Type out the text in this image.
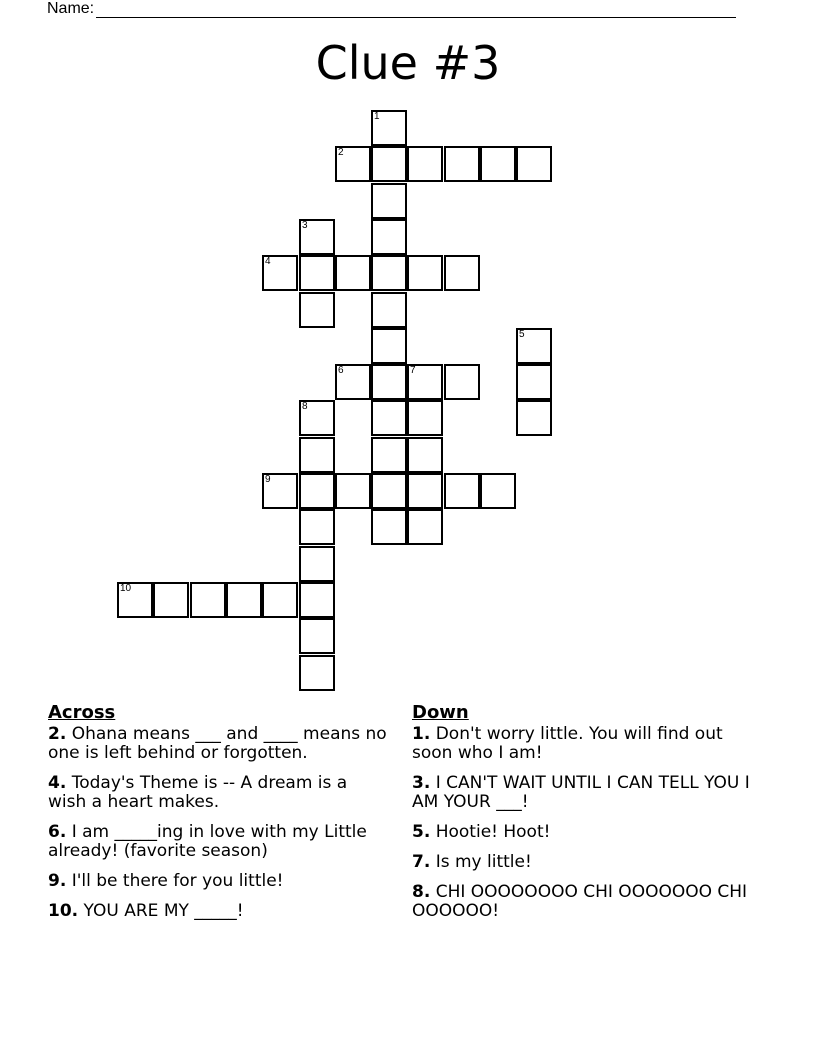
Name:
Clue #3
1
2
3
4
5
6	7
8
9
10
Across
2. Ohana means ___ and ____ means no one is left behind or forgotten.
4. Today's Theme is -- A dream is a wish a heart makes.
6. I am _____ing in love with my Little already! (favorite season)
9. I'll be there for you little!
10. YOU ARE MY _____!
Down
1. Don't worry little. You will find out soon who I am!
3. I CAN'T WAIT UNTIL I CAN TELL YOU I AM YOUR ___!
5. Hootie! Hoot!
7. Is my little!
8. CHI OOOOOOOO CHI OOOOOOO CHI OOOOOO!
